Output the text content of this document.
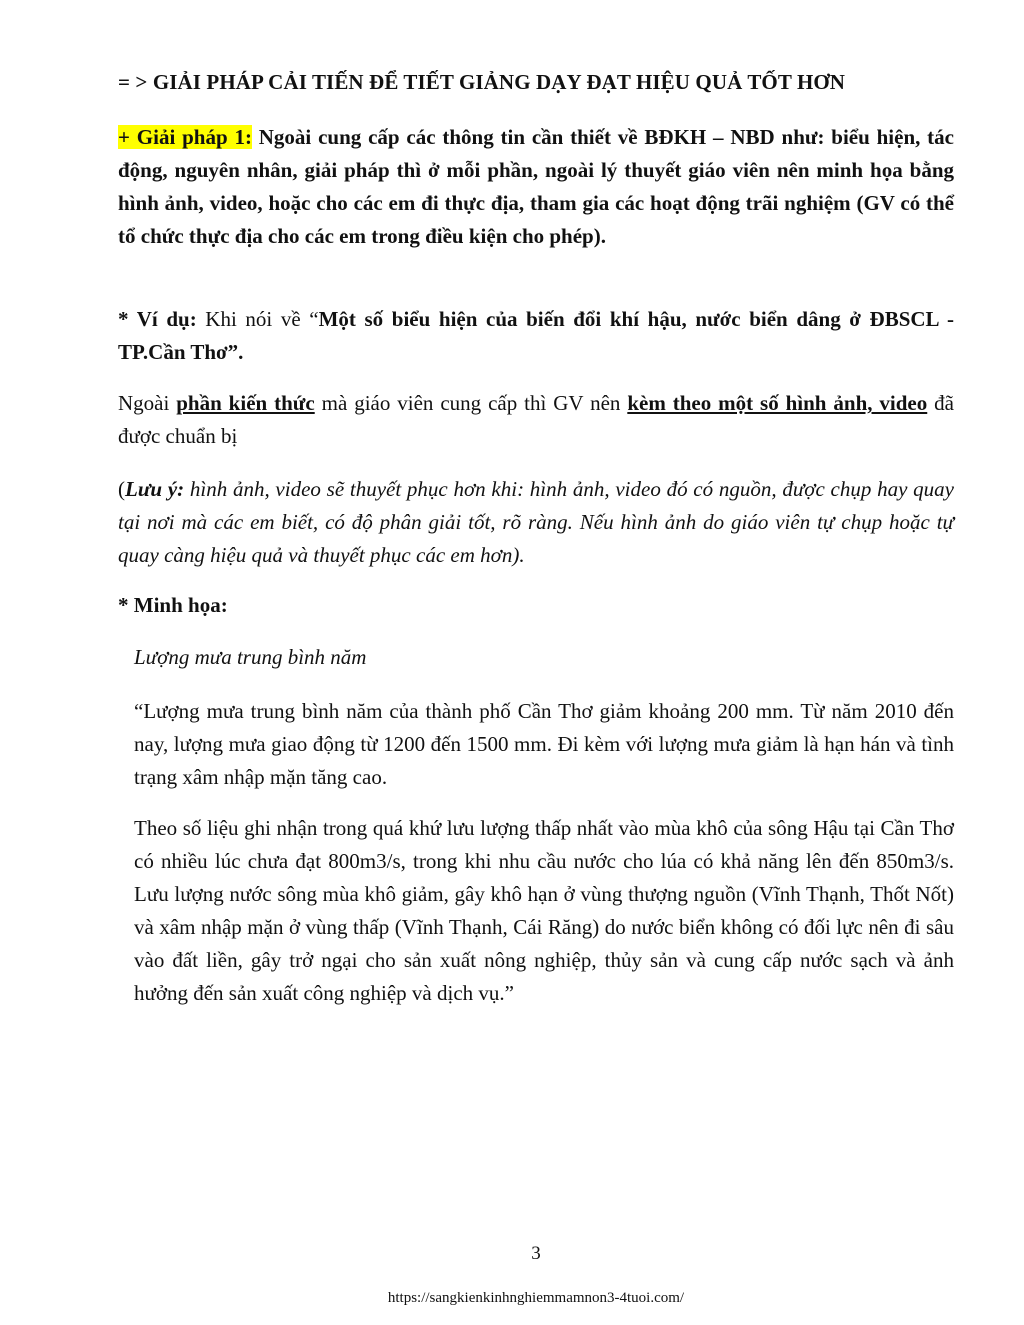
= > GIẢI PHÁP CẢI TIẾN ĐỂ TIẾT GIẢNG DẠY ĐẠT HIỆU QUẢ TỐT HƠN
+ Giải pháp 1: Ngoài cung cấp các thông tin cần thiết về BĐKH – NBD như: biểu hiện, tác động, nguyên nhân, giải pháp thì ở mỗi phần, ngoài lý thuyết giáo viên nên minh họa bằng hình ảnh, video, hoặc cho các em đi thực địa, tham gia các hoạt động trãi nghiệm (GV có thể tổ chức thực địa cho các em trong điều kiện cho phép).
* Ví dụ: Khi nói về “Một số biểu hiện của biến đổi khí hậu, nước biển dâng ở ĐBSCL - TP.Cần Thơ”.
Ngoài phần kiến thức mà giáo viên cung cấp thì GV nên kèm theo một số hình ảnh, video đã được chuẩn bị
(Lưu ý: hình ảnh, video sẽ thuyết phục hơn khi: hình ảnh, video đó có nguồn, được chụp hay quay tại nơi mà các em biết, có độ phân giải tốt, rõ ràng. Nếu hình ảnh do giáo viên tự chụp hoặc tự quay càng hiệu quả và thuyết phục các em hơn).
* Minh họa:
Lượng mưa trung bình năm
“Lượng mưa trung bình năm của thành phố Cần Thơ giảm khoảng 200 mm. Từ năm 2010 đến nay, lượng mưa giao động từ 1200 đến 1500 mm. Đi kèm với lượng mưa giảm là hạn hán và tình trạng xâm nhập mặn tăng cao.
Theo số liệu ghi nhận trong quá khứ lưu lượng thấp nhất vào mùa khô của sông Hậu tại Cần Thơ có nhiều lúc chưa đạt 800m3/s, trong khi nhu cầu nước cho lúa có khả năng lên đến 850m3/s. Lưu lượng nước sông mùa khô giảm, gây khô hạn ở vùng thượng nguồn (Vĩnh Thạnh, Thốt Nốt) và xâm nhập mặn ở vùng thấp (Vĩnh Thạnh, Cái Răng) do nước biển không có đối lực nên đi sâu vào đất liền, gây trở ngại cho sản xuất nông nghiệp, thủy sản và cung cấp nước sạch và ảnh hưởng đến sản xuất công nghiệp và dịch vụ.”
3
https://sangkienkinhnghiemmamnon3-4tuoi.com/
